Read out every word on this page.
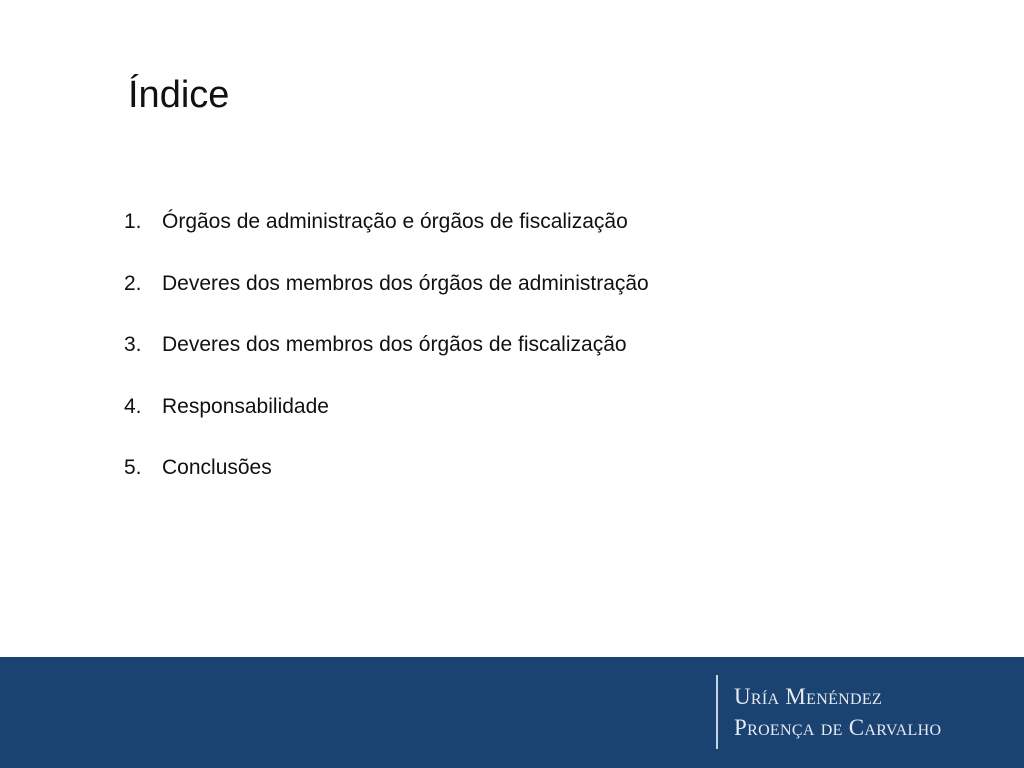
Índice
1. Órgãos de administração e órgãos de fiscalização
2. Deveres dos membros dos órgãos de administração
3. Deveres dos membros dos órgãos de fiscalização
4. Responsabilidade
5. Conclusões
Uría Menéndez
Proença de Carvalho
